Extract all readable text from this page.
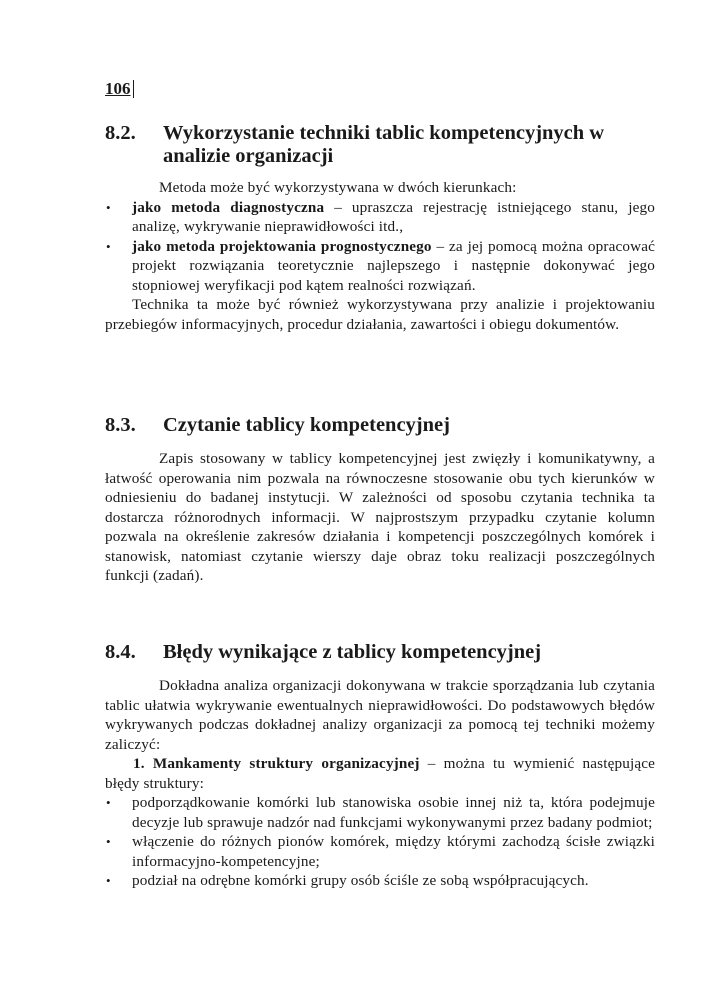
106
8.2.	Wykorzystanie techniki tablic kompetencyjnych w analizie organizacji

Metoda może być wykorzystywana w dwóch kierunkach:

• jako metoda diagnostyczna – upraszcza rejestrację istniejącego stanu, jego analizę, wykrywanie nieprawidłowości itd.,
• jako metoda projektowania prognostycznego – za jej pomocą można opracować projekt rozwiązania teoretycznie najlepszego i następnie dokonywać jego stopniowej weryfikacji pod kątem realności rozwiązań.

Technika ta może być również wykorzystywana przy analizie i projektowaniu przebiegów informacyjnych, procedur działania, zawartości i obiegu dokumentów.

8.3.	Czytanie tablicy kompetencyjnej

Zapis stosowany w tablicy kompetencyjnej jest zwięzły i komunikatywny, a łatwość operowania nim pozwala na równoczesne stosowanie obu tych kierunków w odniesieniu do badanej instytucji. W zależności od sposobu czytania technika ta dostarcza różnorodnych informacji. W najprostszym przypadku czytanie kolumn pozwala na określenie zakresów działania i kompetencji poszczególnych komórek i stanowisk, natomiast czytanie wierszy daje obraz toku realizacji poszczególnych funkcji (zadań).

8.4.	Błędy wynikające z tablicy kompetencyjnej

Dokładna analiza organizacji dokonywana w trakcie sporządzania lub czytania tablic ułatwia wykrywanie ewentualnych nieprawidłowości. Do podstawowych błędów wykrywanych podczas dokładnej analizy organizacji za pomocą tej techniki możemy zaliczyć:

1. Mankamenty struktury organizacyjnej – można tu wymienić następujące błędy struktury:

• podporządkowanie komórki lub stanowiska osobie innej niż ta, która podejmuje decyzje lub sprawuje nadzór nad funkcjami wykonywanymi przez badany podmiot;
• włączenie do różnych pionów komórek, między którymi zachodzą ścisłe związki informacyjno-kompetencyjne;
• podział na odrębne komórki grupy osób ściśle ze sobą współpracujących.
